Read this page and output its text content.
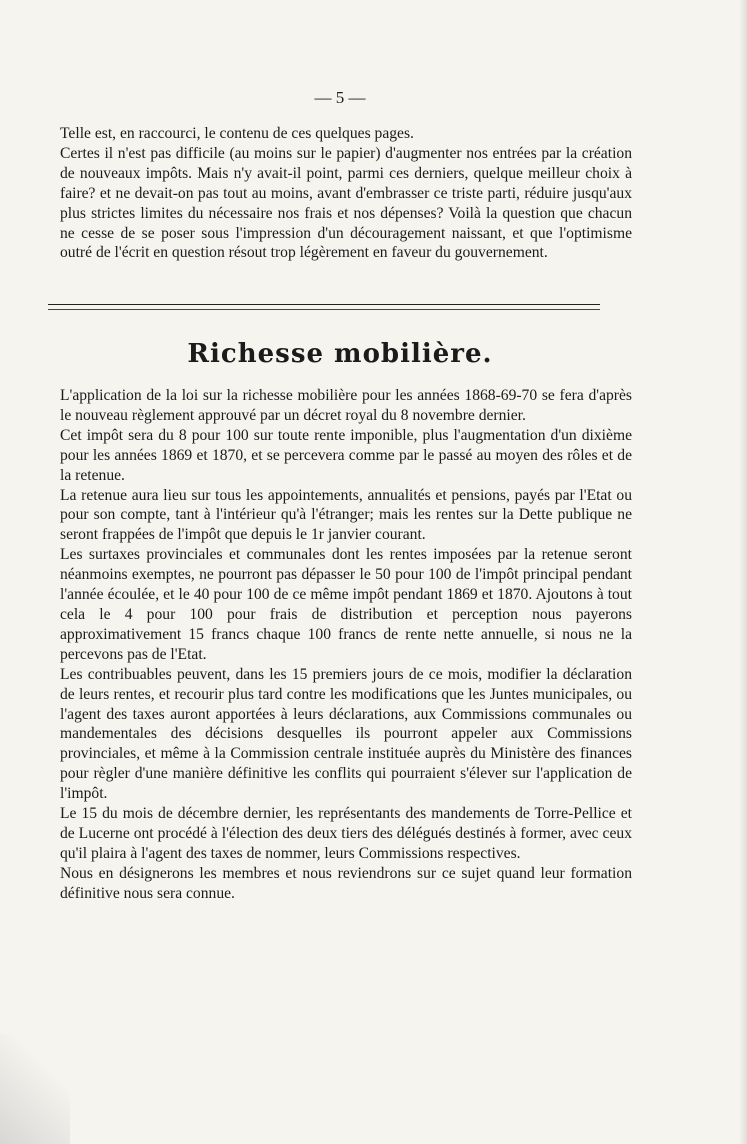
— 5 —

Telle est, en raccourci, le contenu de ces quelques pages.

Certes il n'est pas difficile (au moins sur le papier) d'augmenter nos entrées par la création de nouveaux impôts. Mais n'y avait-il point, parmi ces derniers, quelque meilleur choix à faire? et ne devait-on pas tout au moins, avant d'embrasser ce triste parti, réduire jusqu'aux plus strictes limites du nécessaire nos frais et nos dépenses? Voilà la question que chacun ne cesse de se poser sous l'impression d'un découragement naissant, et que l'optimisme outré de l'écrit en question résout trop légèrement en faveur du gouvernement.

Richesse mobilière.

L'application de la loi sur la richesse mobilière pour les années 1868-69-70 se fera d'après le nouveau règlement approuvé par un décret royal du 8 novembre dernier.

Cet impôt sera du 8 pour 100 sur toute rente imponible, plus l'augmentation d'un dixième pour les années 1869 et 1870, et se percevera comme par le passé au moyen des rôles et de la retenue.

La retenue aura lieu sur tous les appointements, annualités et pensions, payés par l'Etat ou pour son compte, tant à l'intérieur qu'à l'étranger; mais les rentes sur la Dette publique ne seront frappées de l'impôt que depuis le 1r janvier courant.

Les surtaxes provinciales et communales dont les rentes imposées par la retenue seront néanmoins exemptes, ne pourront pas dépasser le 50 pour 100 de l'impôt principal pendant l'année écoulée, et le 40 pour 100 de ce même impôt pendant 1869 et 1870. Ajoutons à tout cela le 4 pour 100 pour frais de distribution et perception nous payerons approximativement 15 francs chaque 100 francs de rente nette annuelle, si nous ne la percevons pas de l'Etat.

Les contribuables peuvent, dans les 15 premiers jours de ce mois, modifier la déclaration de leurs rentes, et recourir plus tard contre les modifications que les Juntes municipales, ou l'agent des taxes auront apportées à leurs déclarations, aux Commissions communales ou mandementales des décisions desquelles ils pourront appeler aux Commissions provinciales, et même à la Commission centrale instituée auprès du Ministère des finances pour règler d'une manière définitive les conflits qui pourraient s'élever sur l'application de l'impôt.

Le 15 du mois de décembre dernier, les représentants des mandements de Torre-Pellice et de Lucerne ont procédé à l'élection des deux tiers des délégués destinés à former, avec ceux qu'il plaira à l'agent des taxes de nommer, leurs Commissions respectives.

Nous en désignerons les membres et nous reviendrons sur ce sujet quand leur formation définitive nous sera connue.
